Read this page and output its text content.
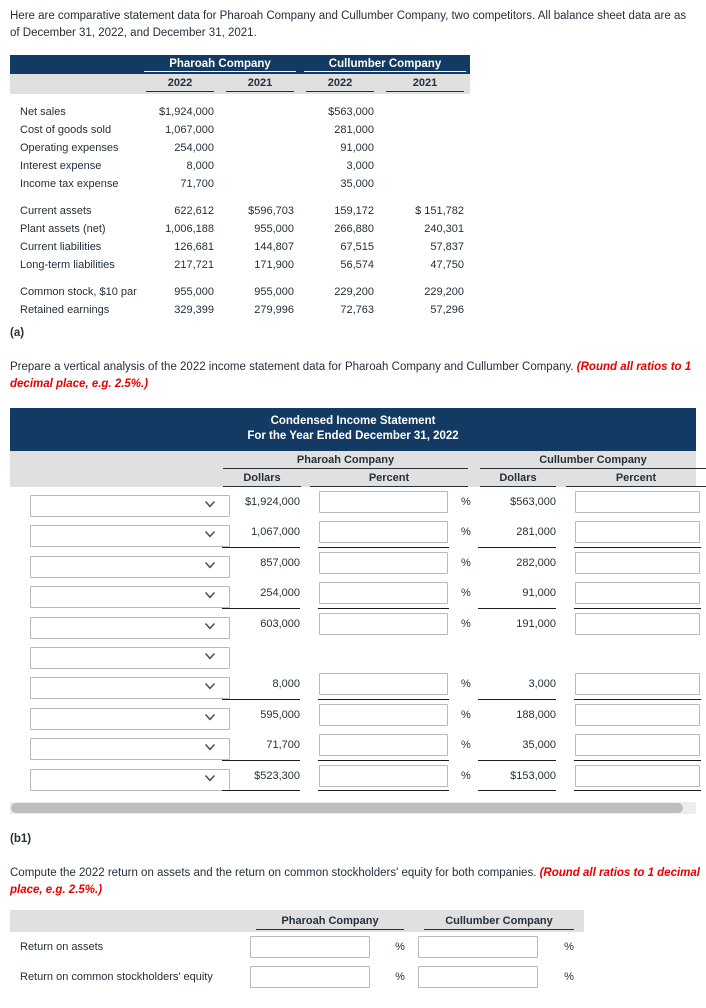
Here are comparative statement data for Pharoah Company and Cullumber Company, two competitors. All balance sheet data are as of December 31, 2022, and December 31, 2021.

	Pharoah Company		Cullumber Company	

	2022	2021	2022	2021

Net sales	$1,924,000		$563,000	
Cost of goods sold	1,067,000		281,000	
Operating expenses	254,000		91,000	
Interest expense	8,000		3,000	
Income tax expense	71,700		35,000	

Current assets	622,612	$596,703	159,172	$ 151,782
Plant assets (net)	1,006,188	955,000	266,880	240,301
Current liabilities	126,681	144,807	67,515	57,837
Long-term liabilities	217,721	171,900	56,574	47,750

Common stock, $10 par	955,000	955,000	229,200	229,200
Retained earnings	329,399	279,996	72,763	57,296
(a)
Prepare a vertical analysis of the 2022 income statement data for Pharoah Company and Cullumber Company. (Round all ratios to 1 decimal place, e.g. 2.5%.)
Condensed Income Statement
For the Year Ended December 31, 2022
Pharoah Company	Cullumber Company
Dollars	Percent	Dollars	Percent
$1,924,000	%	$563,000
1,067,000	%	281,000
857,000	%	282,000
254,000	%	91,000
603,000	%	191,000
8,000	%	3,000
595,000	%	188,000
71,700	%	35,000
$523,300	%	$153,000
(b1)
Compute the 2022 return on assets and the return on common stockholders' equity for both companies. (Round all ratios to 1 decimal place, e.g. 2.5%.)

	Pharoah Company		Cullumber Company	

Return on assets		%		%
Return on common stockholders' equity		%		%
